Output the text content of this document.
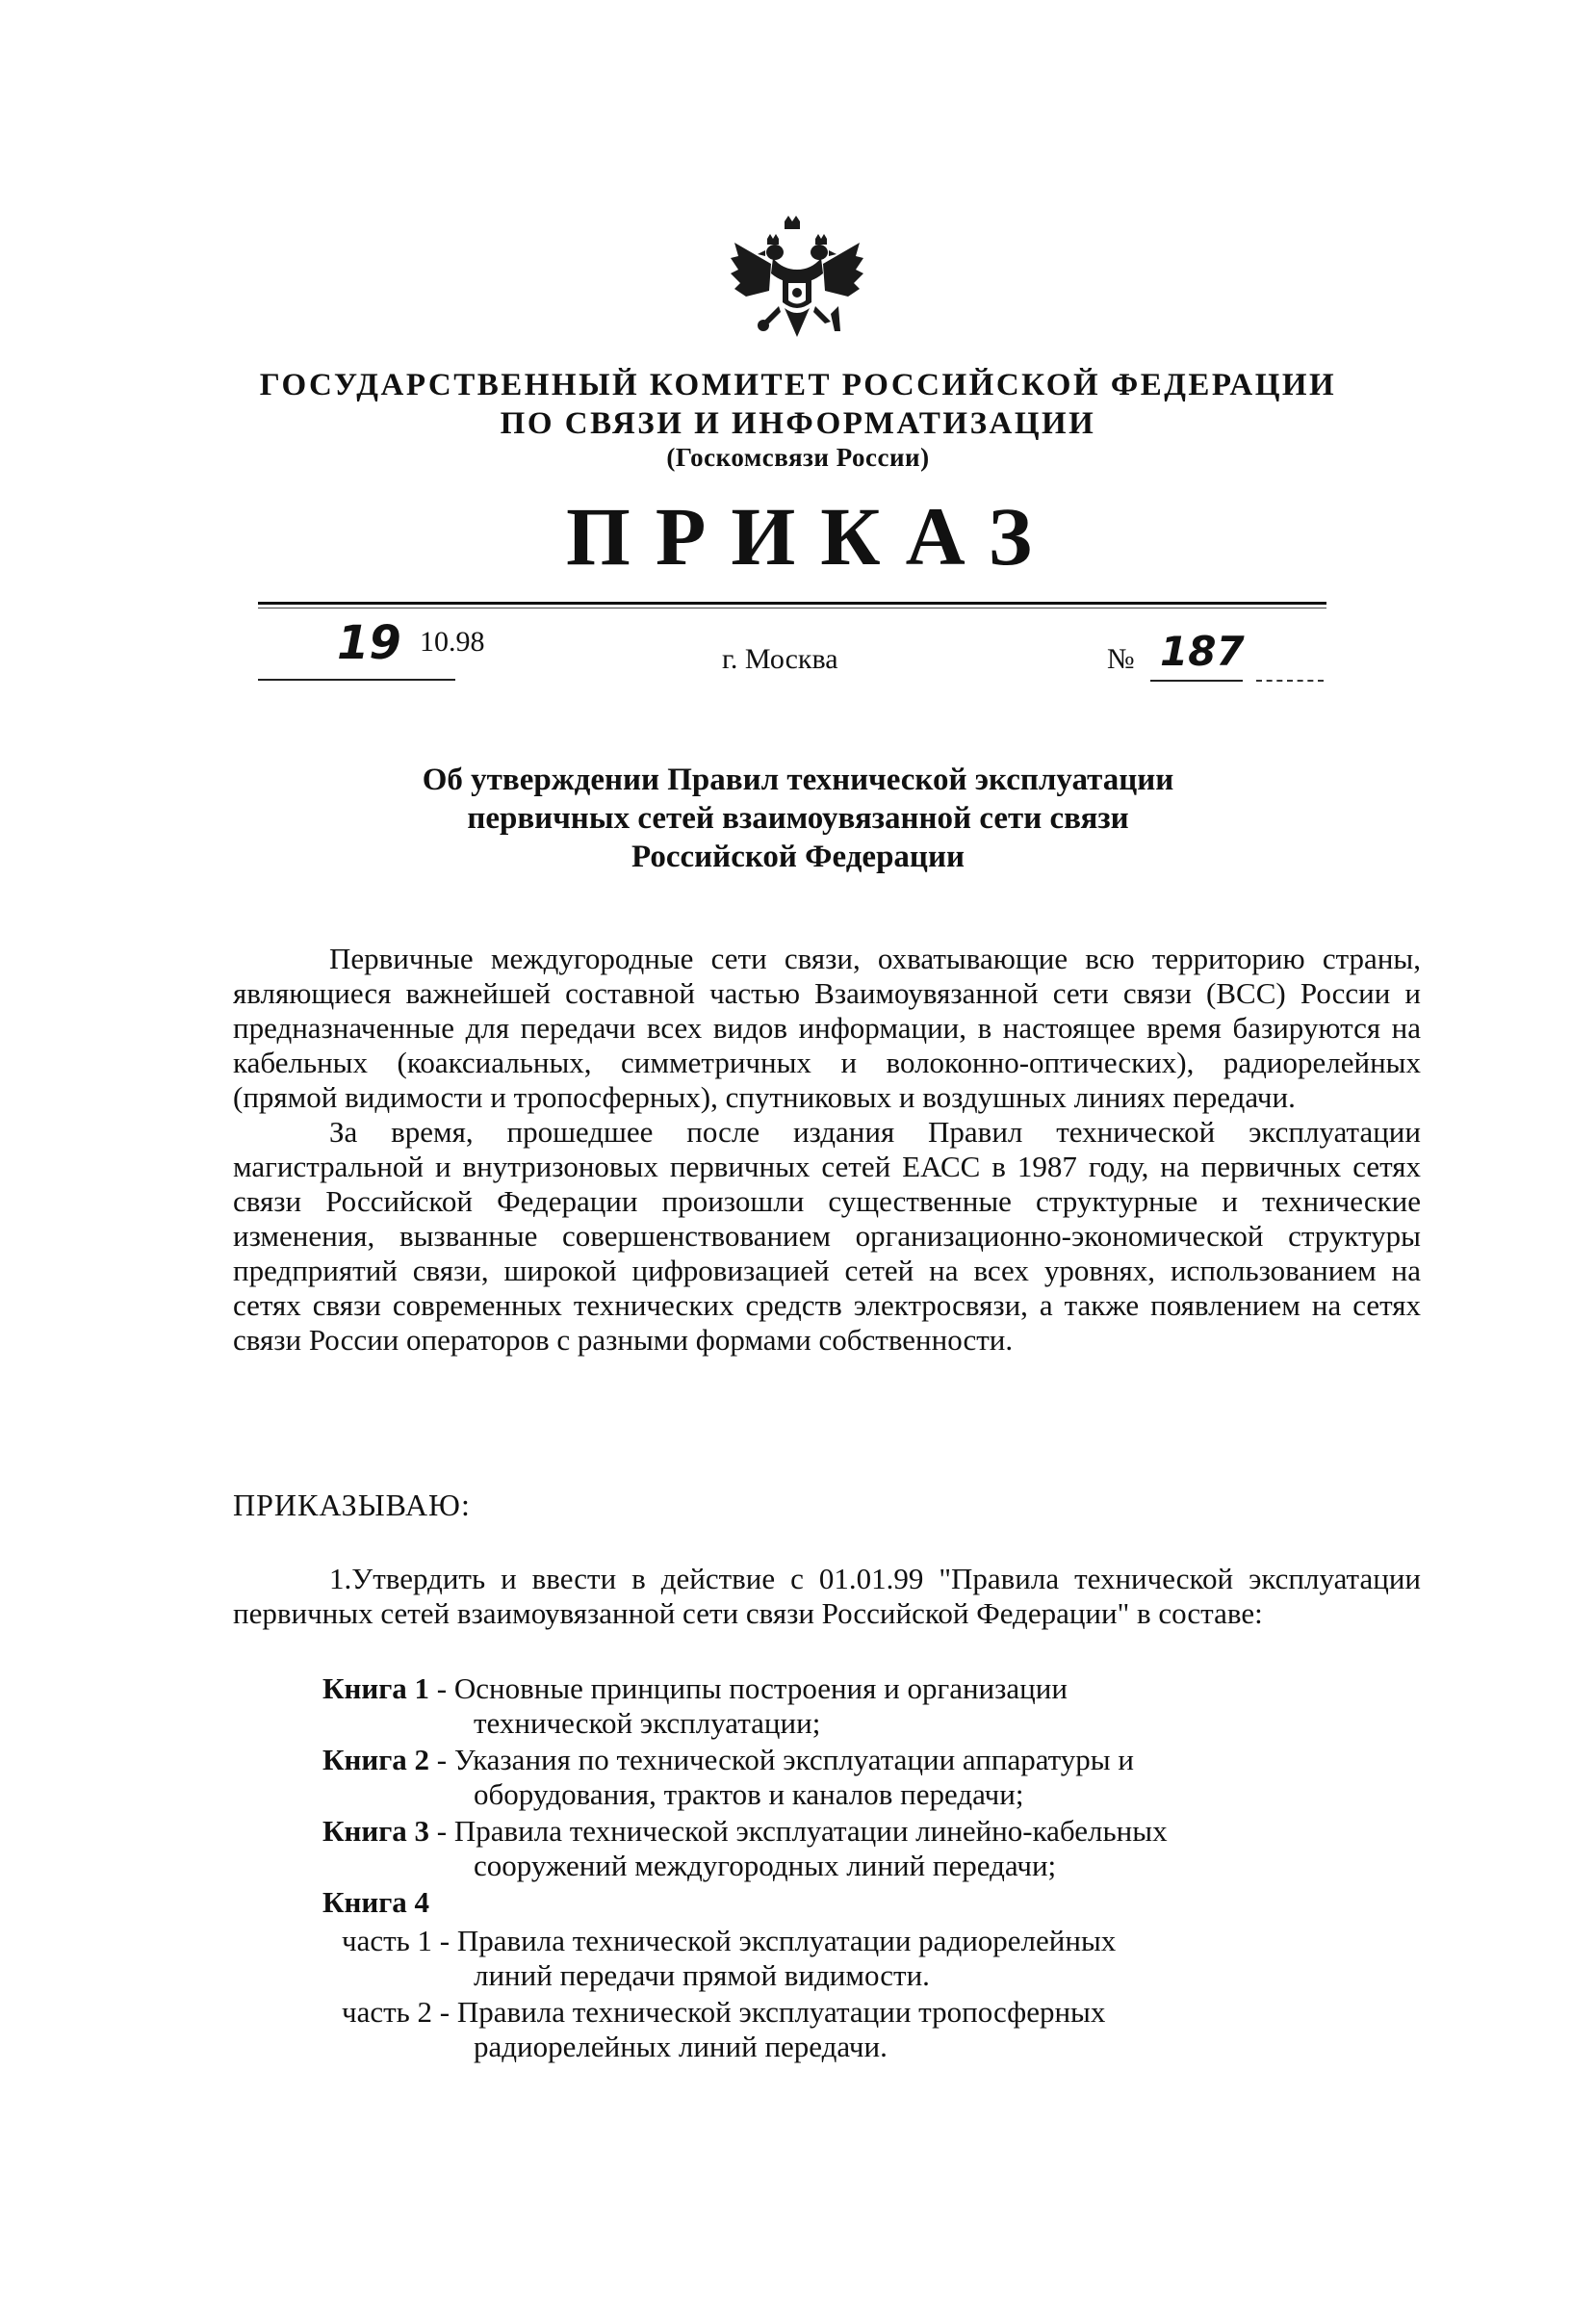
ГОСУДАРСТВЕННЫЙ КОМИТЕТ РОССИЙСКОЙ ФЕДЕРАЦИИ
ПО СВЯЗИ И ИНФОРМАТИЗАЦИИ
(Госкомсвязи России)
ПРИКАЗ
19 10.98
г. Москва	№ 187
Об утверждении Правил технической эксплуатации
первичных сетей взаимоувязанной сети связи
Российской Федерации

Первичные междугородные сети связи, охватывающие всю территорию страны, являющиеся важнейшей составной частью Взаимоувязанной сети связи (ВСС) России и предназначенные для передачи всех видов информации, в настоящее время базируются на кабельных (коаксиальных, симметричных и волоконно-оптических), радиорелейных (прямой видимости и тропосферных), спутниковых и воздушных линиях передачи.

За время, прошедшее после издания Правил технической эксплуатации магистральной и внутризоновых первичных сетей ЕАСС в 1987 году, на первичных сетях связи Российской Федерации произошли существенные структурные и технические изменения, вызванные совершенствованием организационно-экономической структуры предприятий связи, широкой цифровизацией сетей на всех уровнях, использованием на сетях связи современных технических средств электросвязи, а также появлением на сетях связи России операторов с разными формами собственности.

ПРИКАЗЫВАЮ:

1.Утвердить и ввести в действие с 01.01.99 "Правила технической эксплуатации первичных сетей взаимоувязанной сети связи Российской Федерации" в составе:

Книга 1 - Основные принципы построения и организации
технической эксплуатации;
Книга 2 - Указания по технической эксплуатации аппаратуры и
оборудования, трактов и каналов передачи;
Книга 3 - Правила технической эксплуатации линейно-кабельных
сооружений междугородных линий передачи;
Книга 4
часть 1 - Правила технической эксплуатации радиорелейных
линий передачи прямой видимости.
часть 2 - Правила технической эксплуатации тропосферных
радиорелейных линий передачи.
